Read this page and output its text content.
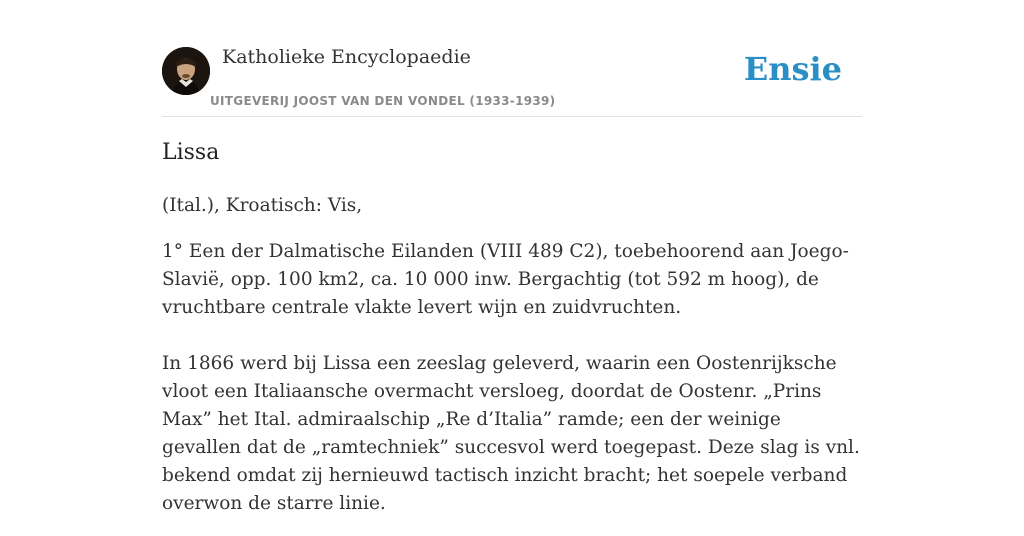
Katholieke Encyclopaedie
UITGEVERIJ JOOST VAN DEN VONDEL (1933-1939)
Ensie
Lissa

(Ital.), Kroatisch: Vis,

1° Een der Dalmatische Eilanden (VIII 489 C2), toebehoorend aan Joego-Slavië, opp. 100 km2, ca. 10 000 inw. Bergachtig (tot 592 m hoog), de vruchtbare centrale vlakte levert wijn en zuidvruchten.

In 1866 werd bij Lissa een zeeslag geleverd, waarin een Oostenrijksche vloot een Italiaansche overmacht versloeg, doordat de Oostenr. „Prins Max” het Ital. admiraalschip „Re d’Italia” ramde; een der weinige gevallen dat de „ramtechniek” succesvol werd toegepast. Deze slag is vnl. bekend omdat zij hernieuwd tactisch inzicht bracht; het soepele verband overwon de starre linie.
